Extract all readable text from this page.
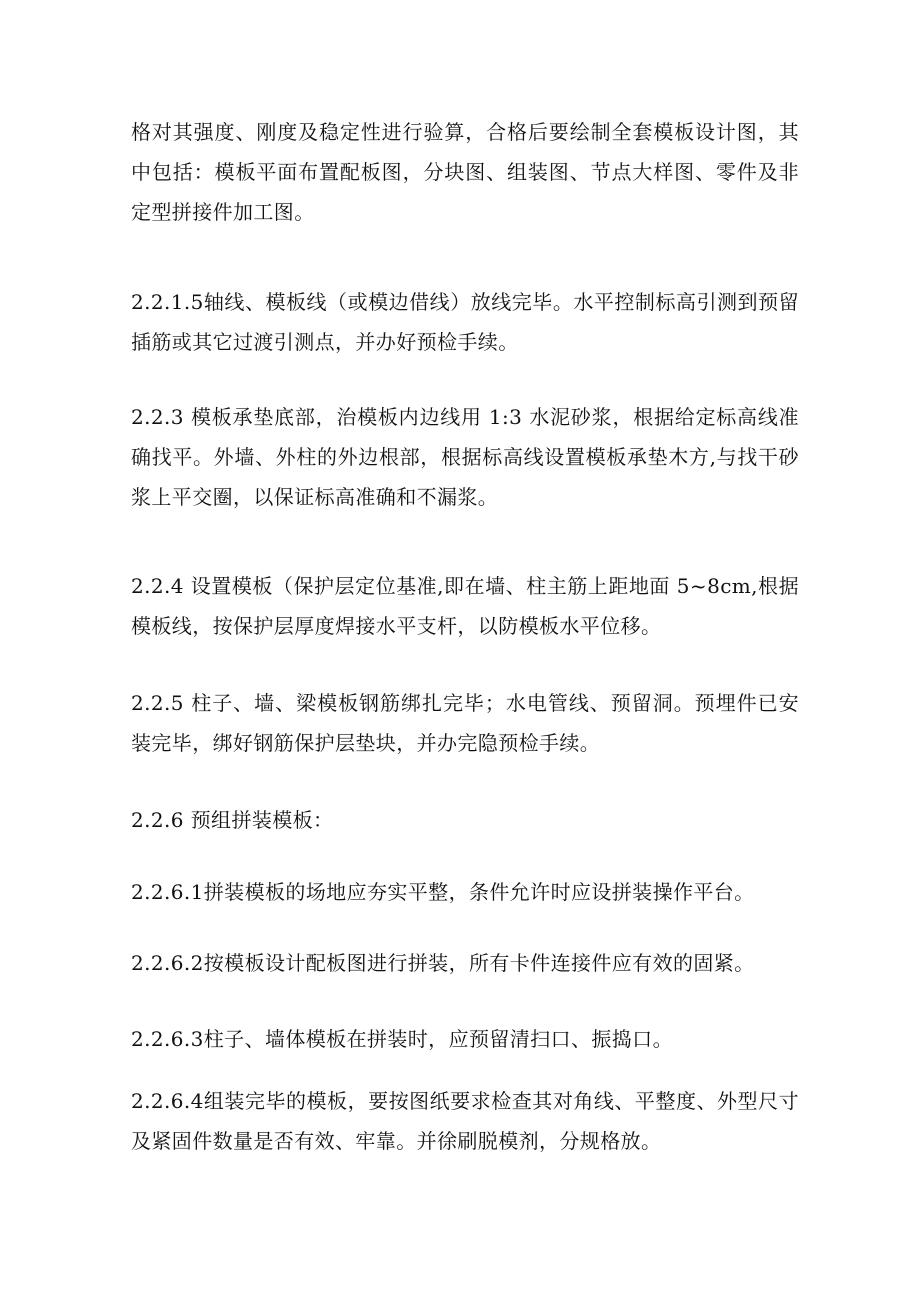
格对其强度、刚度及稳定性进行验算，合格后要绘制全套模板设计图，其中包括：模板平面布置配板图，分块图、组装图、节点大样图、零件及非定型拼接件加工图。

2.2.1.5轴线、模板线（或模边借线）放线完毕。水平控制标高引测到预留插筋或其它过渡引测点，并办好预检手续。

2.2.3 模板承垫底部，治模板内边线用 1:3 水泥砂浆，根据给定标高线准确找平。外墙、外柱的外边根部，根据标高线设置模板承垫木方,与找干砂浆上平交圈，以保证标高准确和不漏浆。

2.2.4 设置模板（保护层定位基准,即在墙、柱主筋上距地面 5~8cm,根据模板线，按保护层厚度焊接水平支杆，以防模板水平位移。

2.2.5 柱子、墙、梁模板钢筋绑扎完毕；水电管线、预留洞。预埋件已安装完毕，绑好钢筋保护层垫块，并办完隐预检手续。

2.2.6 预组拼装模板：

2.2.6.1拼装模板的场地应夯实平整，条件允许时应设拼装操作平台。

2.2.6.2按模板设计配板图进行拼装，所有卡件连接件应有效的固紧。

2.2.6.3柱子、墙体模板在拼装时，应预留清扫口、振捣口。

2.2.6.4组装完毕的模板，要按图纸要求检查其对角线、平整度、外型尺寸及紧固件数量是否有效、牢靠。并徐刷脱模剂，分规格放。
